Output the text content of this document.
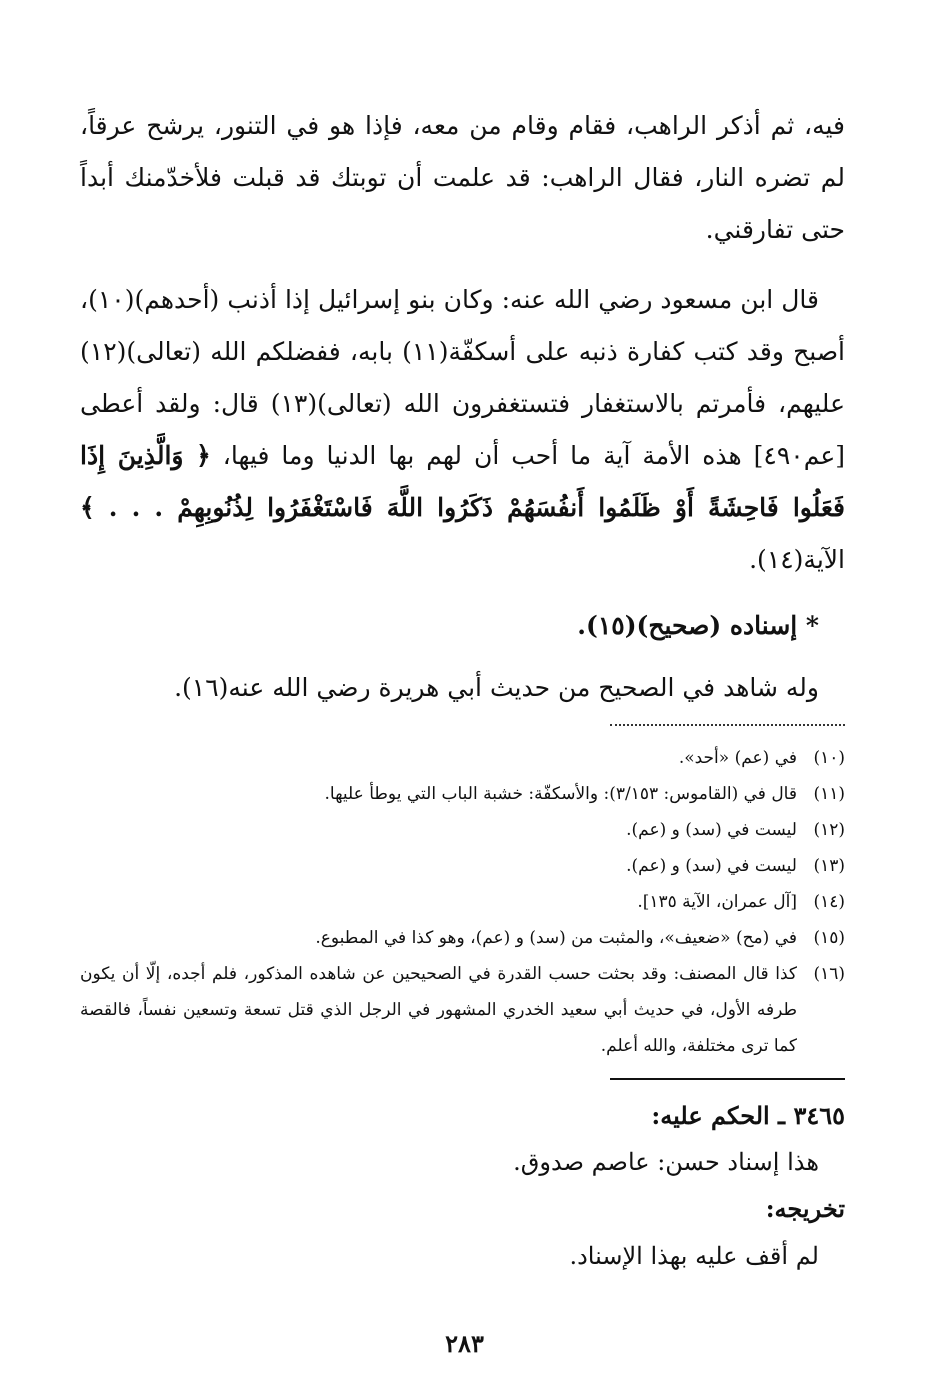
فيه، ثم أذكر الراهب، فقام وقام من معه، فإذا هو في التنور، يرشح عرقاً، لم تضره النار، فقال الراهب: قد علمت أن توبتك قد قبلت فلأخدّمنك أبداً حتى تفارقني.

قال ابن مسعود رضي الله عنه: وكان بنو إسرائيل إذا أذنب (أحدهم)(١٠)، أصبح وقد كتب كفارة ذنبه على أسكفّة(١١) بابه، ففضلكم الله (تعالى)(١٢) عليهم، فأمرتم بالاستغفار فتستغفرون الله (تعالى)(١٣) قال: ولقد أعطى [عم٤٩٠] هذه الأمة آية ما أحب أن لهم بها الدنيا وما فيها، ﴿ وَالَّذِينَ إِذَا فَعَلُوا فَاحِشَةً أَوْ ظَلَمُوا أَنفُسَهُمْ ذَكَرُوا اللَّهَ فَاسْتَغْفَرُوا لِذُنُوبِهِمْ . . . ﴾ الآية(١٤).

* إسناده (صحيح)(١٥).

وله شاهد في الصحيح من حديث أبي هريرة رضي الله عنه(١٦).

(١٠)
في (عم) «أحد».
(١١)
قال في (القاموس: ٣/١٥٣): والأسكفّة: خشبة الباب التي يوطأ عليها.
(١٢)
ليست في (سد) و (عم).
(١٣)
ليست في (سد) و (عم).
(١٤)
[آل عمران، الآية ١٣٥].
(١٥)
في (مح) «ضعيف»، والمثبت من (سد) و (عم)، وهو كذا في المطبوع.
(١٦)
كذا قال المصنف: وقد بحثت حسب القدرة في الصحيحين عن شاهده المذكور، فلم أجده، إلّا أن يكون طرفه الأول، في حديث أبي سعيد الخدري المشهور في الرجل الذي قتل تسعة وتسعين نفساً، فالقصة كما ترى مختلفة، والله أعلم.
٣٤٦٥ ـ الحكم عليه:

هذا إسناد حسن: عاصم صدوق.

تخريجه:

لم أقف عليه بهذا الإسناد.

٢٨٣
